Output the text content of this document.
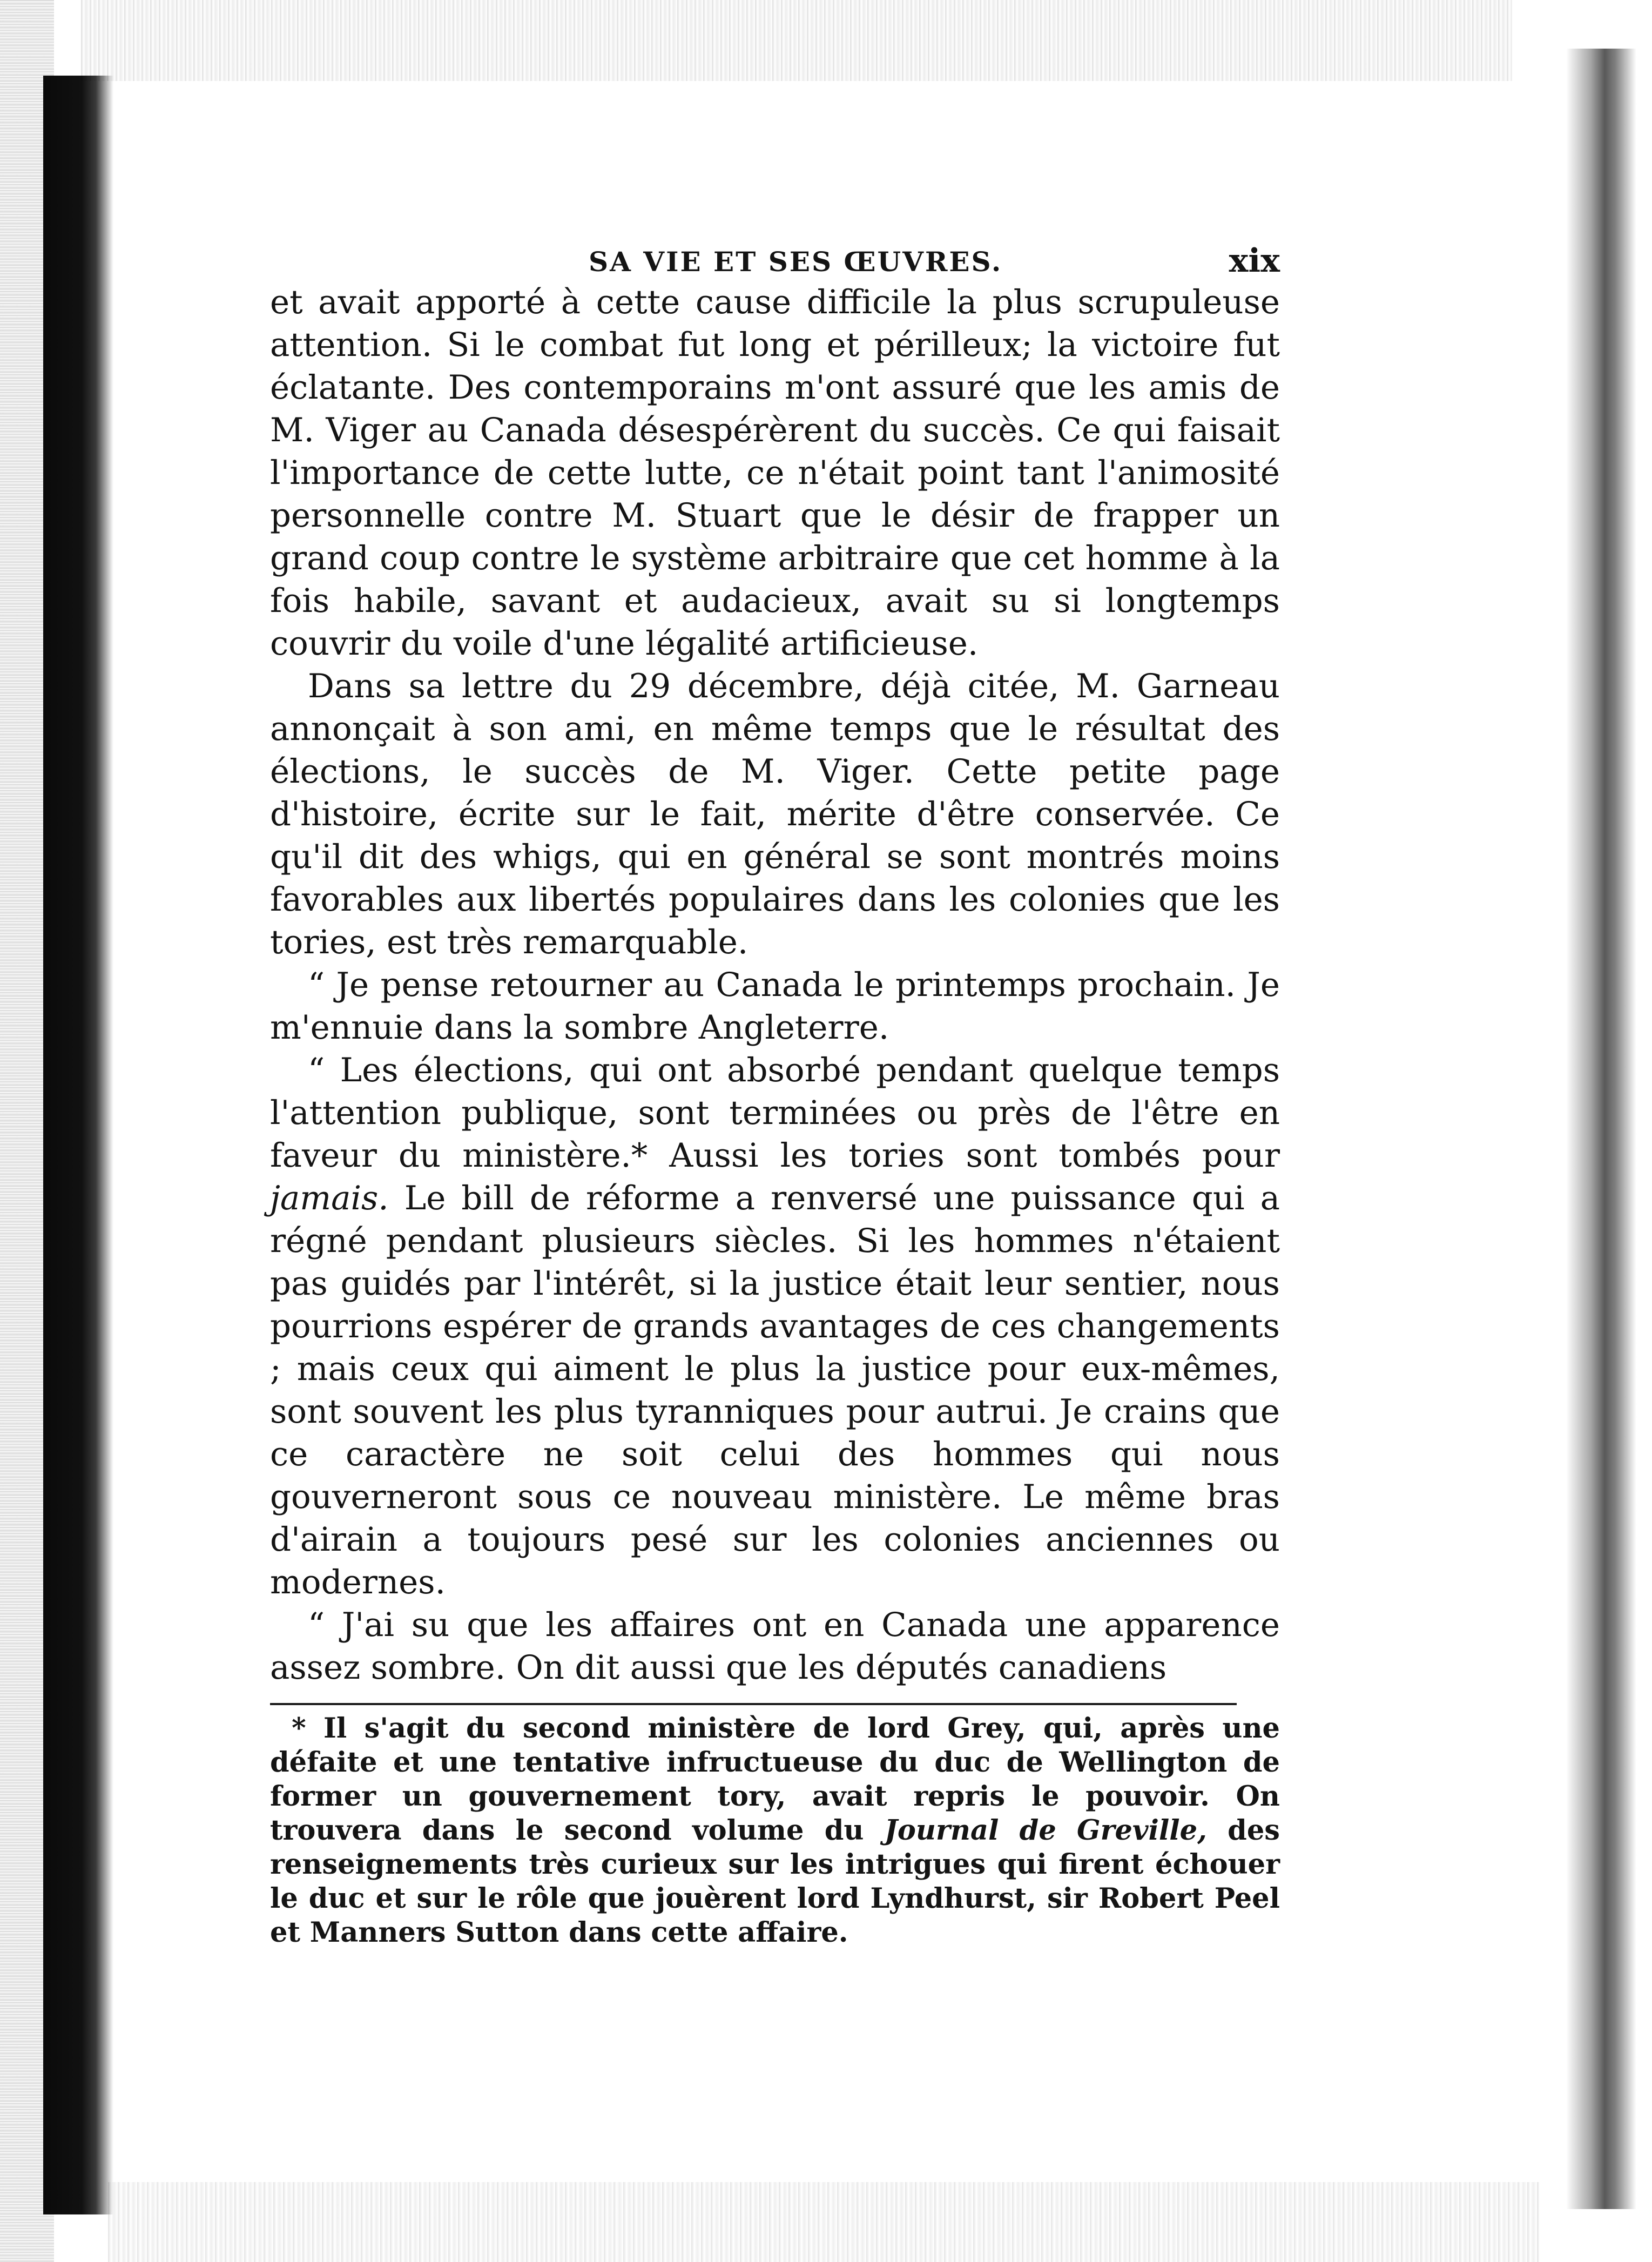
SA VIE ET SES ŒUVRES.	xix

et avait apporté à cette cause difficile la plus scrupuleuse attention. Si le combat fut long et périlleux; la victoire fut éclatante. Des contemporains m'ont assuré que les amis de M. Viger au Canada désespérèrent du succès. Ce qui faisait l'importance de cette lutte, ce n'était point tant l'animosité personnelle contre M. Stuart que le désir de frapper un grand coup contre le système arbitraire que cet homme à la fois habile, savant et audacieux, avait su si longtemps couvrir du voile d'une légalité artificieuse.

Dans sa lettre du 29 décembre, déjà citée, M. Garneau annonçait à son ami, en même temps que le résultat des élections, le succès de M. Viger. Cette petite page d'histoire, écrite sur le fait, mérite d'être conservée. Ce qu'il dit des whigs, qui en général se sont montrés moins favorables aux libertés populaires dans les colonies que les tories, est très remarquable.

“ Je pense retourner au Canada le printemps prochain. Je m'ennuie dans la sombre Angleterre.

“ Les élections, qui ont absorbé pendant quelque temps l'attention publique, sont terminées ou près de l'être en faveur du ministère.* Aussi les tories sont tombés pour jamais. Le bill de réforme a renversé une puissance qui a régné pendant plusieurs siècles. Si les hommes n'étaient pas guidés par l'intérêt, si la justice était leur sentier, nous pourrions espérer de grands avantages de ces changements ; mais ceux qui aiment le plus la justice pour eux-mêmes, sont souvent les plus tyranniques pour autrui. Je crains que ce caractère ne soit celui des hommes qui nous gouverneront sous ce nouveau ministère. Le même bras d'airain a toujours pesé sur les colonies anciennes ou modernes.

“ J'ai su que les affaires ont en Canada une apparence assez sombre. On dit aussi que les députés canadiens

* Il s'agit du second ministère de lord Grey, qui, après une défaite et une tentative infructueuse du duc de Wellington de former un gouvernement tory, avait repris le pouvoir. On trouvera dans le second volume du Journal de Greville, des renseignements très curieux sur les intrigues qui firent échouer le duc et sur le rôle que jouèrent lord Lyndhurst, sir Robert Peel et Manners Sutton dans cette affaire.
